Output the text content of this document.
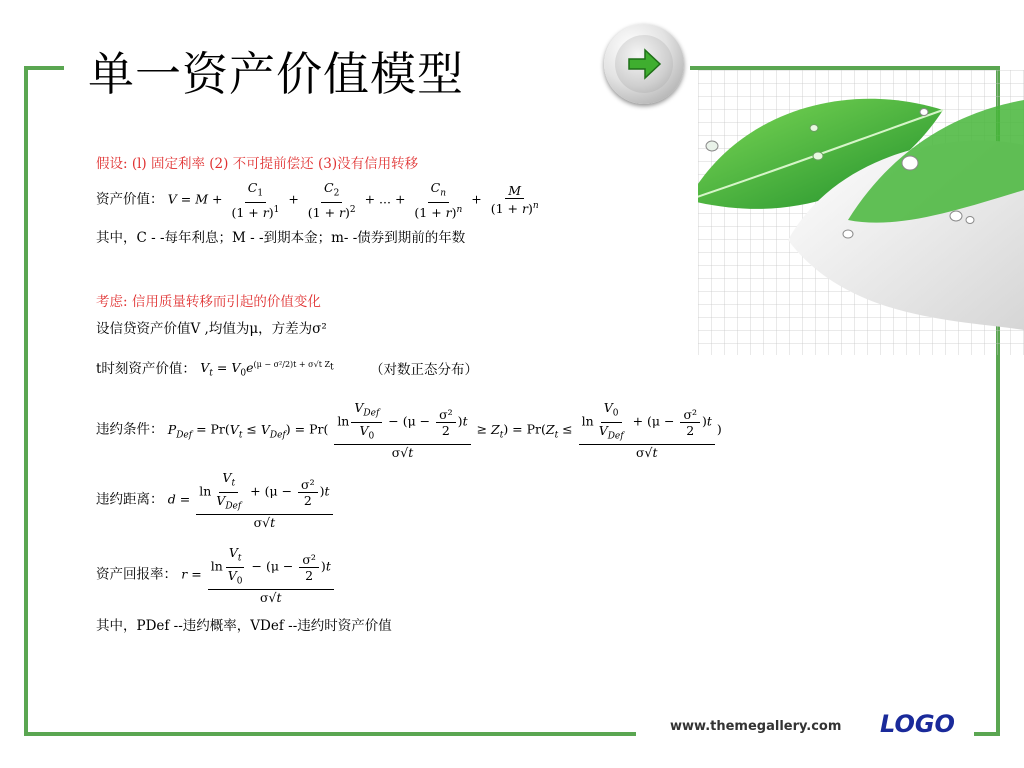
单一资产价值模型
假设: (l) 固定利率 (2) 不可提前偿还 (3)没有信用转移
资产价值： $V = M + \frac{C_1}{(1 + r)^1} + \frac{C_2}{(1 + r)^2}$ + ... + $\frac{C_n}{(1 + r)^n} + \frac{M}{(1 + r)^n}$
其中，C - -每年利息；M - -到期本金；m- -债券到期前的年数
考虑: 信用质量转移而引起的价值变化
设信贷资产价值V ,均值为μ，方差为σ²
t时刻资产价值： $V_t = V_0e^{(\mu - \sigma^2/2)t + \sigma√t Z_t}$	（对数正态分布）
违约条件： $P_{Def} = Pr(V_t \le V_{Def}) = Pr( \frac{\ln \frac{V_{Def}}{V_0} - (\mu - \frac{\text{σ²}}{2} )t}{\sigma√t} \ge Z_t) = Pr(Z_t \le \frac{\ln \frac{V_0}{V_{Def}} + (\mu - \frac{\text{σ²}}{2} )t}{\sigma√t}$ )
违约距离： $d = \frac{\ln \frac{V_t}{V_{Def}} + (\mu - \frac{\text{σ²}}{2} )t}{\sigma√t}$
资产回报率： $r = \frac{\ln \frac{V_t}{V_0} - (\mu - \frac{\text{σ²}}{2} )t}{\sigma√t}$
其中，PDef --违约概率，VDef --违约时资产价值
www.themegallery.com LOGO
